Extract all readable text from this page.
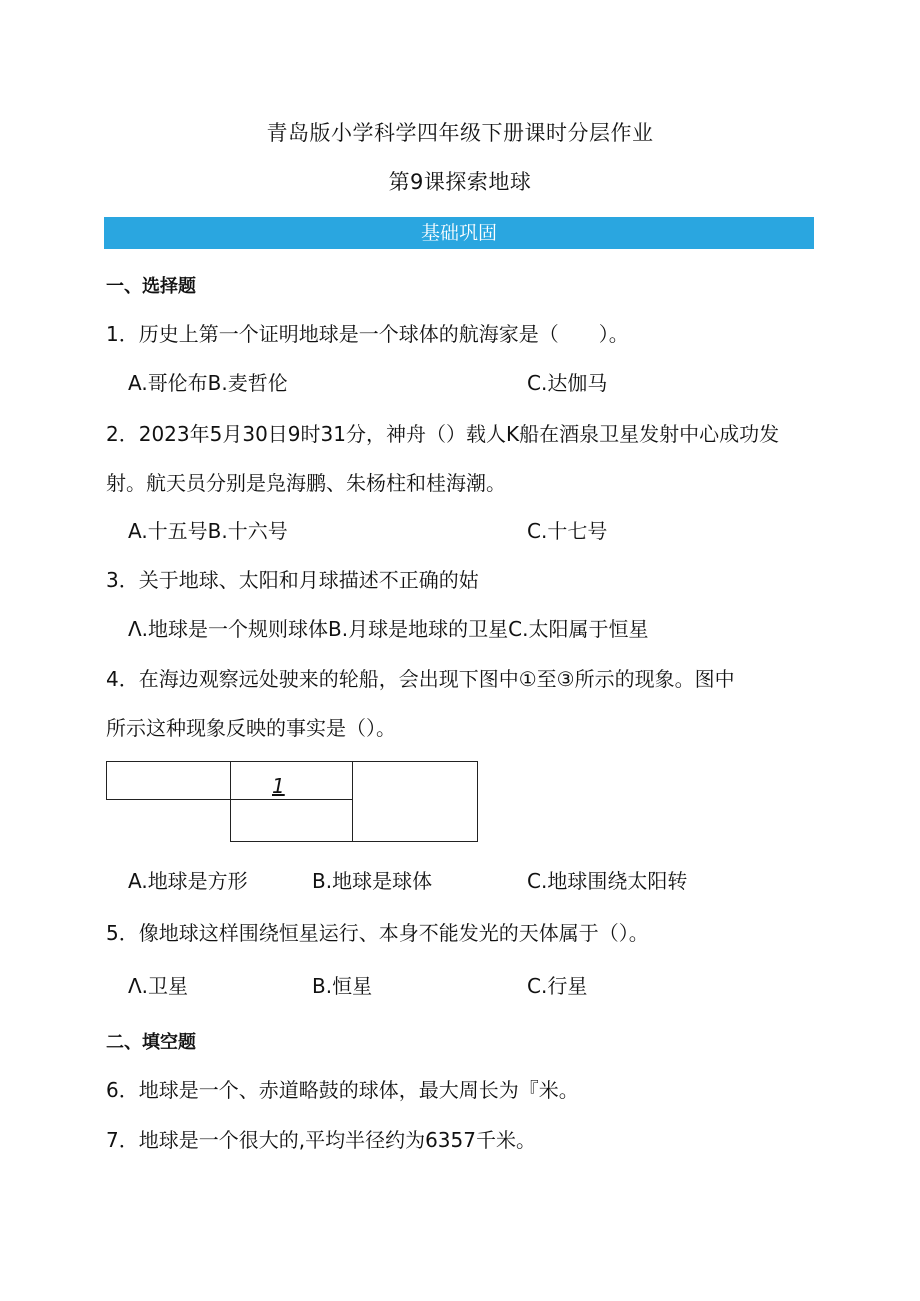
青岛版小学科学四年级下册课时分层作业
第9课探索地球
基础巩固
一、选择题
1．历史上第一个证明地球是一个球体的航海家是（　　）。
A.哥伦布B.麦哲伦	C.达伽马
2．2023年5月30日9时31分，神舟（）载人K船在酒泉卫星发射中心成功发
射。航天员分别是凫海鹏、朱杨柱和桂海潮。
A.十五号B.十六号	C.十七号
3．关于地球、太阳和月球描述不正确的姑
Λ.地球是一个规则球体B.月球是地球的卫星C.太阳属于恒星
4．在海边观察远处驶来的轮船，会出现下图中①至③所示的现象。图中
所示这种现象反映的事实是（）。
1
A.地球是方形	B.地球是球体	C.地球围绕太阳转
5．像地球这样围绕恒星运行、本身不能发光的天体属于（）。
Λ.卫星	B.恒星	C.行星
二、填空题
6．地球是一个、赤道略鼓的球体，最大周长为『米。
7．地球是一个很大的,平均半径约为6357千米。
